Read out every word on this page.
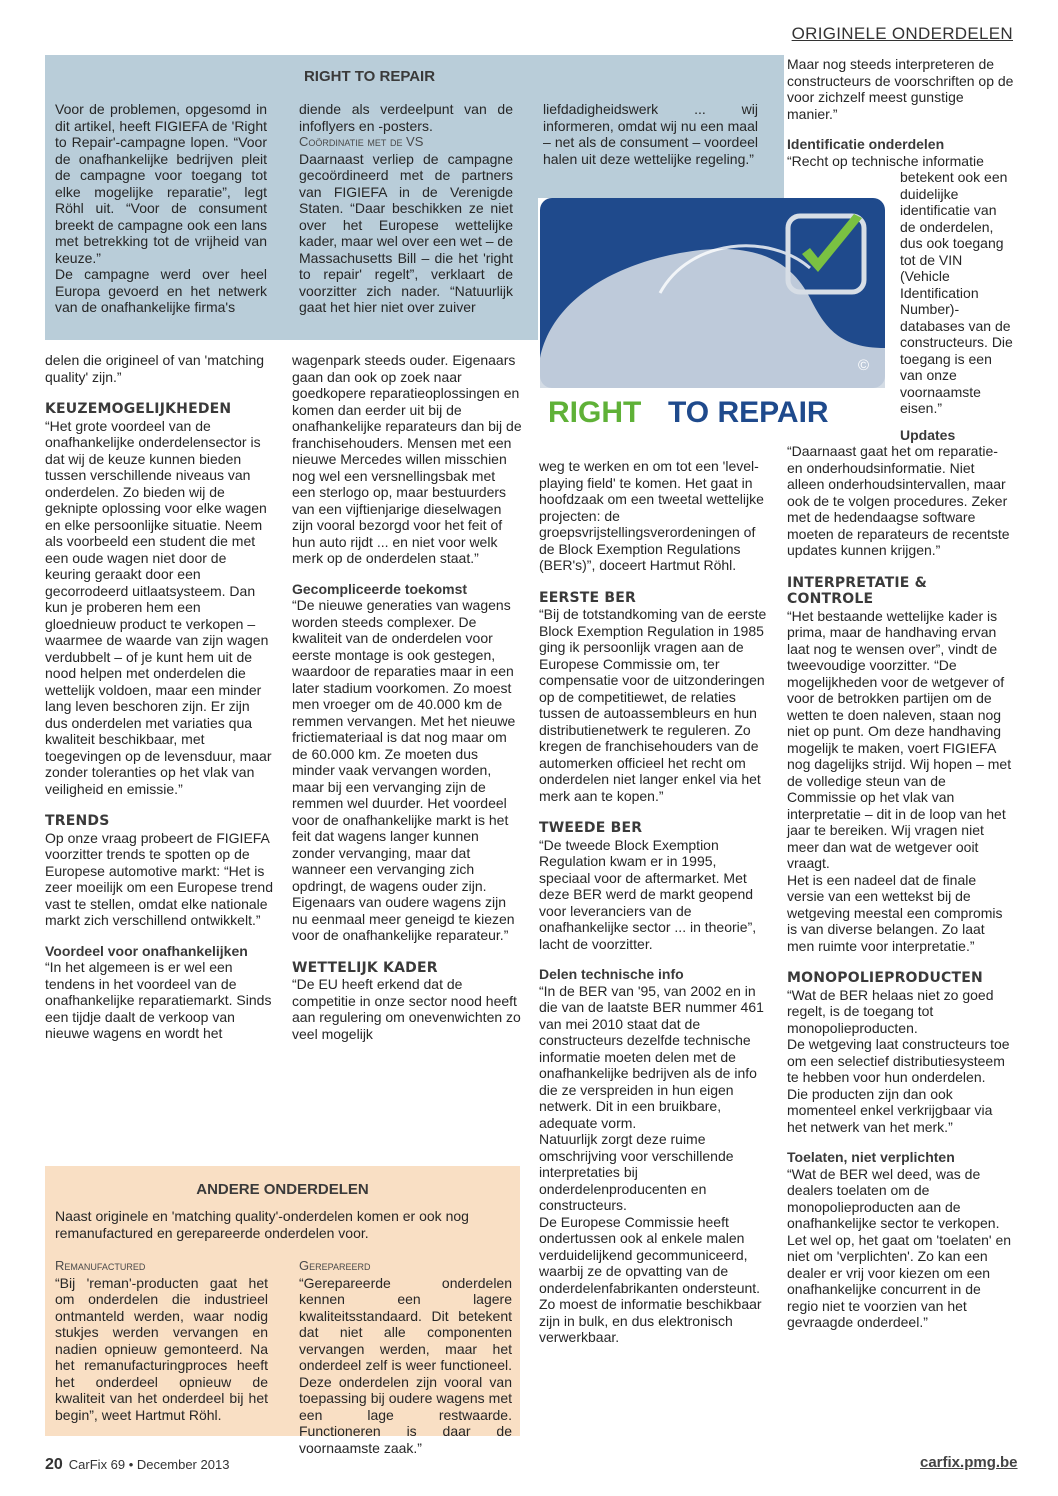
ORIGINELE ONDERDELEN

RIGHT TO REPAIR

Voor de problemen, opgesomd in dit artikel, heeft FIGIEFA de 'Right to Repair'-campagne lopen. “Voor de onafhankelijke bedrijven pleit de campagne voor toegang tot elke mogelijke reparatie”, legt Röhl uit. “Voor de consument breekt de campagne ook een lans met betrekking tot de vrijheid van keuze.”

De campagne werd over heel Europa gevoerd en het netwerk van de onafhankelijke firma's

diende als verdeelpunt van de infoflyers en -posters.

Coördinatie met de VS

Daarnaast verliep de campagne gecoördineerd met de partners van FIGIEFA in de Verenigde Staten. “Daar beschikken ze niet over het Europese wettelijke kader, maar wel over een wet – de Massachusetts Bill – die het 'right to repair' regelt”, verklaart de voorzitter zich nader. “Natuurlijk gaat het hier niet over zuiver

liefdadigheidswerk ... wij informeren, omdat wij nu een maal – net als de consument – voordeel halen uit deze wettelijke regeling.”

©
RIGHT TO REPAIR

delen die origineel of van 'matching quality' zijn.”

KEUZEMOGELIJKHEDEN

“Het grote voordeel van de onafhankelijke onderdelensector is dat wij de keuze kunnen bieden tussen verschillende niveaus van onderdelen. Zo bieden wij de geknipte oplossing voor elke wagen en elke persoonlijke situatie. Neem als voorbeeld een student die met een oude wagen niet door de keuring geraakt door een gecorrodeerd uitlaatsysteem. Dan kun je proberen hem een gloednieuw product te verkopen – waarmee de waarde van zijn wagen verdubbelt – of je kunt hem uit de nood helpen met onderdelen die wettelijk voldoen, maar een minder lang leven beschoren zijn. Er zijn dus onderdelen met variaties qua kwaliteit beschikbaar, met toegevingen op de levensduur, maar zonder toleranties op het vlak van veiligheid en emissie.”

TRENDS

Op onze vraag probeert de FIGIEFA voorzitter trends te spotten op de Europese automotive markt: “Het is zeer moeilijk om een Europese trend vast te stellen, omdat elke nationale markt zich verschillend ontwikkelt.”

Voordeel voor onafhankelijken

“In het algemeen is er wel een tendens in het voordeel van de onafhankelijke reparatiemarkt. Sinds een tijdje daalt de verkoop van nieuwe wagens en wordt het

wagenpark steeds ouder. Eigenaars gaan dan ook op zoek naar goedkopere reparatieoplossingen en komen dan eerder uit bij de onafhankelijke reparateurs dan bij de franchisehouders. Mensen met een nieuwe Mercedes willen misschien nog wel een versnellingsbak met een sterlogo op, maar bestuurders van een vijftienjarige dieselwagen zijn vooral bezorgd voor het feit of hun auto rijdt ... en niet voor welk merk op de onderdelen staat.”

Gecompliceerde toekomst

“De nieuwe generaties van wagens worden steeds complexer. De kwaliteit van de onderdelen voor eerste montage is ook gestegen, waardoor de reparaties maar in een later stadium voorkomen. Zo moest men vroeger om de 40.000 km de remmen vervangen. Met het nieuwe frictiemateriaal is dat nog maar om de 60.000 km. Ze moeten dus minder vaak vervangen worden, maar bij een vervanging zijn de remmen wel duurder. Het voordeel voor de onafhankelijke markt is het feit dat wagens langer kunnen zonder vervanging, maar dat wanneer een vervanging zich opdringt, de wagens ouder zijn. Eigenaars van oudere wagens zijn nu eenmaal meer geneigd te kiezen voor de onafhankelijke reparateur.”

WETTELIJK KADER

“De EU heeft erkend dat de competitie in onze sector nood heeft aan regulering om onevenwichten zo veel mogelijk

weg te werken en om tot een 'level-playing field' te komen. Het gaat in hoofdzaak om een tweetal wettelijke projecten: de groepsvrijstellingsverordeningen of de Block Exemption Regulations (BER's)”, doceert Hartmut Röhl.

EERSTE BER

“Bij de totstandkoming van de eerste Block Exemption Regulation in 1985 ging ik persoonlijk vragen aan de Europese Commissie om, ter compensatie voor de uitzonderingen op de competitiewet, de relaties tussen de autoassembleurs en hun distributienetwerk te reguleren. Zo kregen de franchisehouders van de automerken officieel het recht om onderdelen niet langer enkel via het merk aan te kopen.”

TWEEDE BER

“De tweede Block Exemption Regulation kwam er in 1995, speciaal voor de aftermarket. Met deze BER werd de markt geopend voor leveranciers van de onafhankelijke sector ... in theorie”, lacht de voorzitter.

Delen technische info

“In de BER van '95, van 2002 en in die van de laatste BER nummer 461 van mei 2010 staat dat de constructeurs dezelfde technische informatie moeten delen met de onafhankelijke bedrijven als de info die ze verspreiden in hun eigen netwerk. Dit in een bruikbare, adequate vorm.

Natuurlijk zorgt deze ruime omschrijving voor verschillende interpretaties bij onderdelenproducenten en constructeurs.

De Europese Commissie heeft ondertussen ook al enkele malen verduidelijkend gecommuniceerd, waarbij ze de opvatting van de onderdelenfabrikanten ondersteunt. Zo moest de informatie beschikbaar zijn in bulk, en dus elektronisch verwerkbaar.

Maar nog steeds interpreteren de constructeurs de voorschriften op de voor zichzelf meest gunstige manier.”

Identificatie onderdelen

“Recht op technische informatie

betekent ook een duidelijke identificatie van de onderdelen, dus ook toegang tot de VIN (Vehicle Identification Number)-databases van de constructeurs. Die toegang is een van onze voornaamste eisen.”

Updates

“Daarnaast gaat het om reparatie- en onderhoudsinformatie. Niet alleen onderhoudsintervallen, maar ook de te volgen procedures. Zeker met de hedendaagse software moeten de reparateurs de recentste updates kunnen krijgen.”

INTERPRETATIE & CONTROLE

“Het bestaande wettelijke kader is prima, maar de handhaving ervan laat nog te wensen over”, vindt de tweevoudige voorzitter. “De mogelijkheden voor de wetgever of voor de betrokken partijen om de wetten te doen naleven, staan nog niet op punt. Om deze handhaving mogelijk te maken, voert FIGIEFA nog dagelijks strijd. Wij hopen – met de volledige steun van de Commissie op het vlak van interpretatie – dit in de loop van het jaar te bereiken. Wij vragen niet meer dan wat de wetgever ooit vraagt.

Het is een nadeel dat de finale versie van een wettekst bij de wetgeving meestal een compromis is van diverse belangen. Zo laat men ruimte voor interpretatie.”

MONOPOLIEPRODUCTEN

“Wat de BER helaas niet zo goed regelt, is de toegang tot monopolieproducten.

De wetgeving laat constructeurs toe om een selectief distributiesysteem te hebben voor hun onderdelen.

Die producten zijn dan ook momenteel enkel verkrijgbaar via het netwerk van het merk.”

Toelaten, niet verplichten

“Wat de BER wel deed, was de dealers toelaten om de monopolieproducten aan de onafhankelijke sector te verkopen.

Let wel op, het gaat om 'toelaten' en niet om 'verplichten'. Zo kan een dealer er vrij voor kiezen om een onafhankelijke concurrent in de regio niet te voorzien van het gevraagde onderdeel.”

ANDERE ONDERDELEN

Naast originele en 'matching quality'-onderdelen komen er ook nog remanufactured en gerepareerde onderdelen voor.

Remanufactured

“Bij 'reman'-producten gaat het om onderdelen die industrieel ontmanteld werden, waar nodig stukjes werden vervangen en nadien opnieuw gemonteerd. Na het remanufacturingproces heeft het onderdeel opnieuw de kwaliteit van het onderdeel bij het begin”, weet Hartmut Röhl.

Gerepareerd

“Gerepareerde onderdelen kennen een lagere kwaliteitsstandaard. Dit betekent dat niet alle componenten vervangen werden, maar het onderdeel zelf is weer functioneel. Deze onderdelen zijn vooral van toepassing bij oudere wagens met een lage restwaarde. Functioneren is daar de voornaamste zaak.”

20 CarFix 69 • December 2013	carfix.pmg.be
